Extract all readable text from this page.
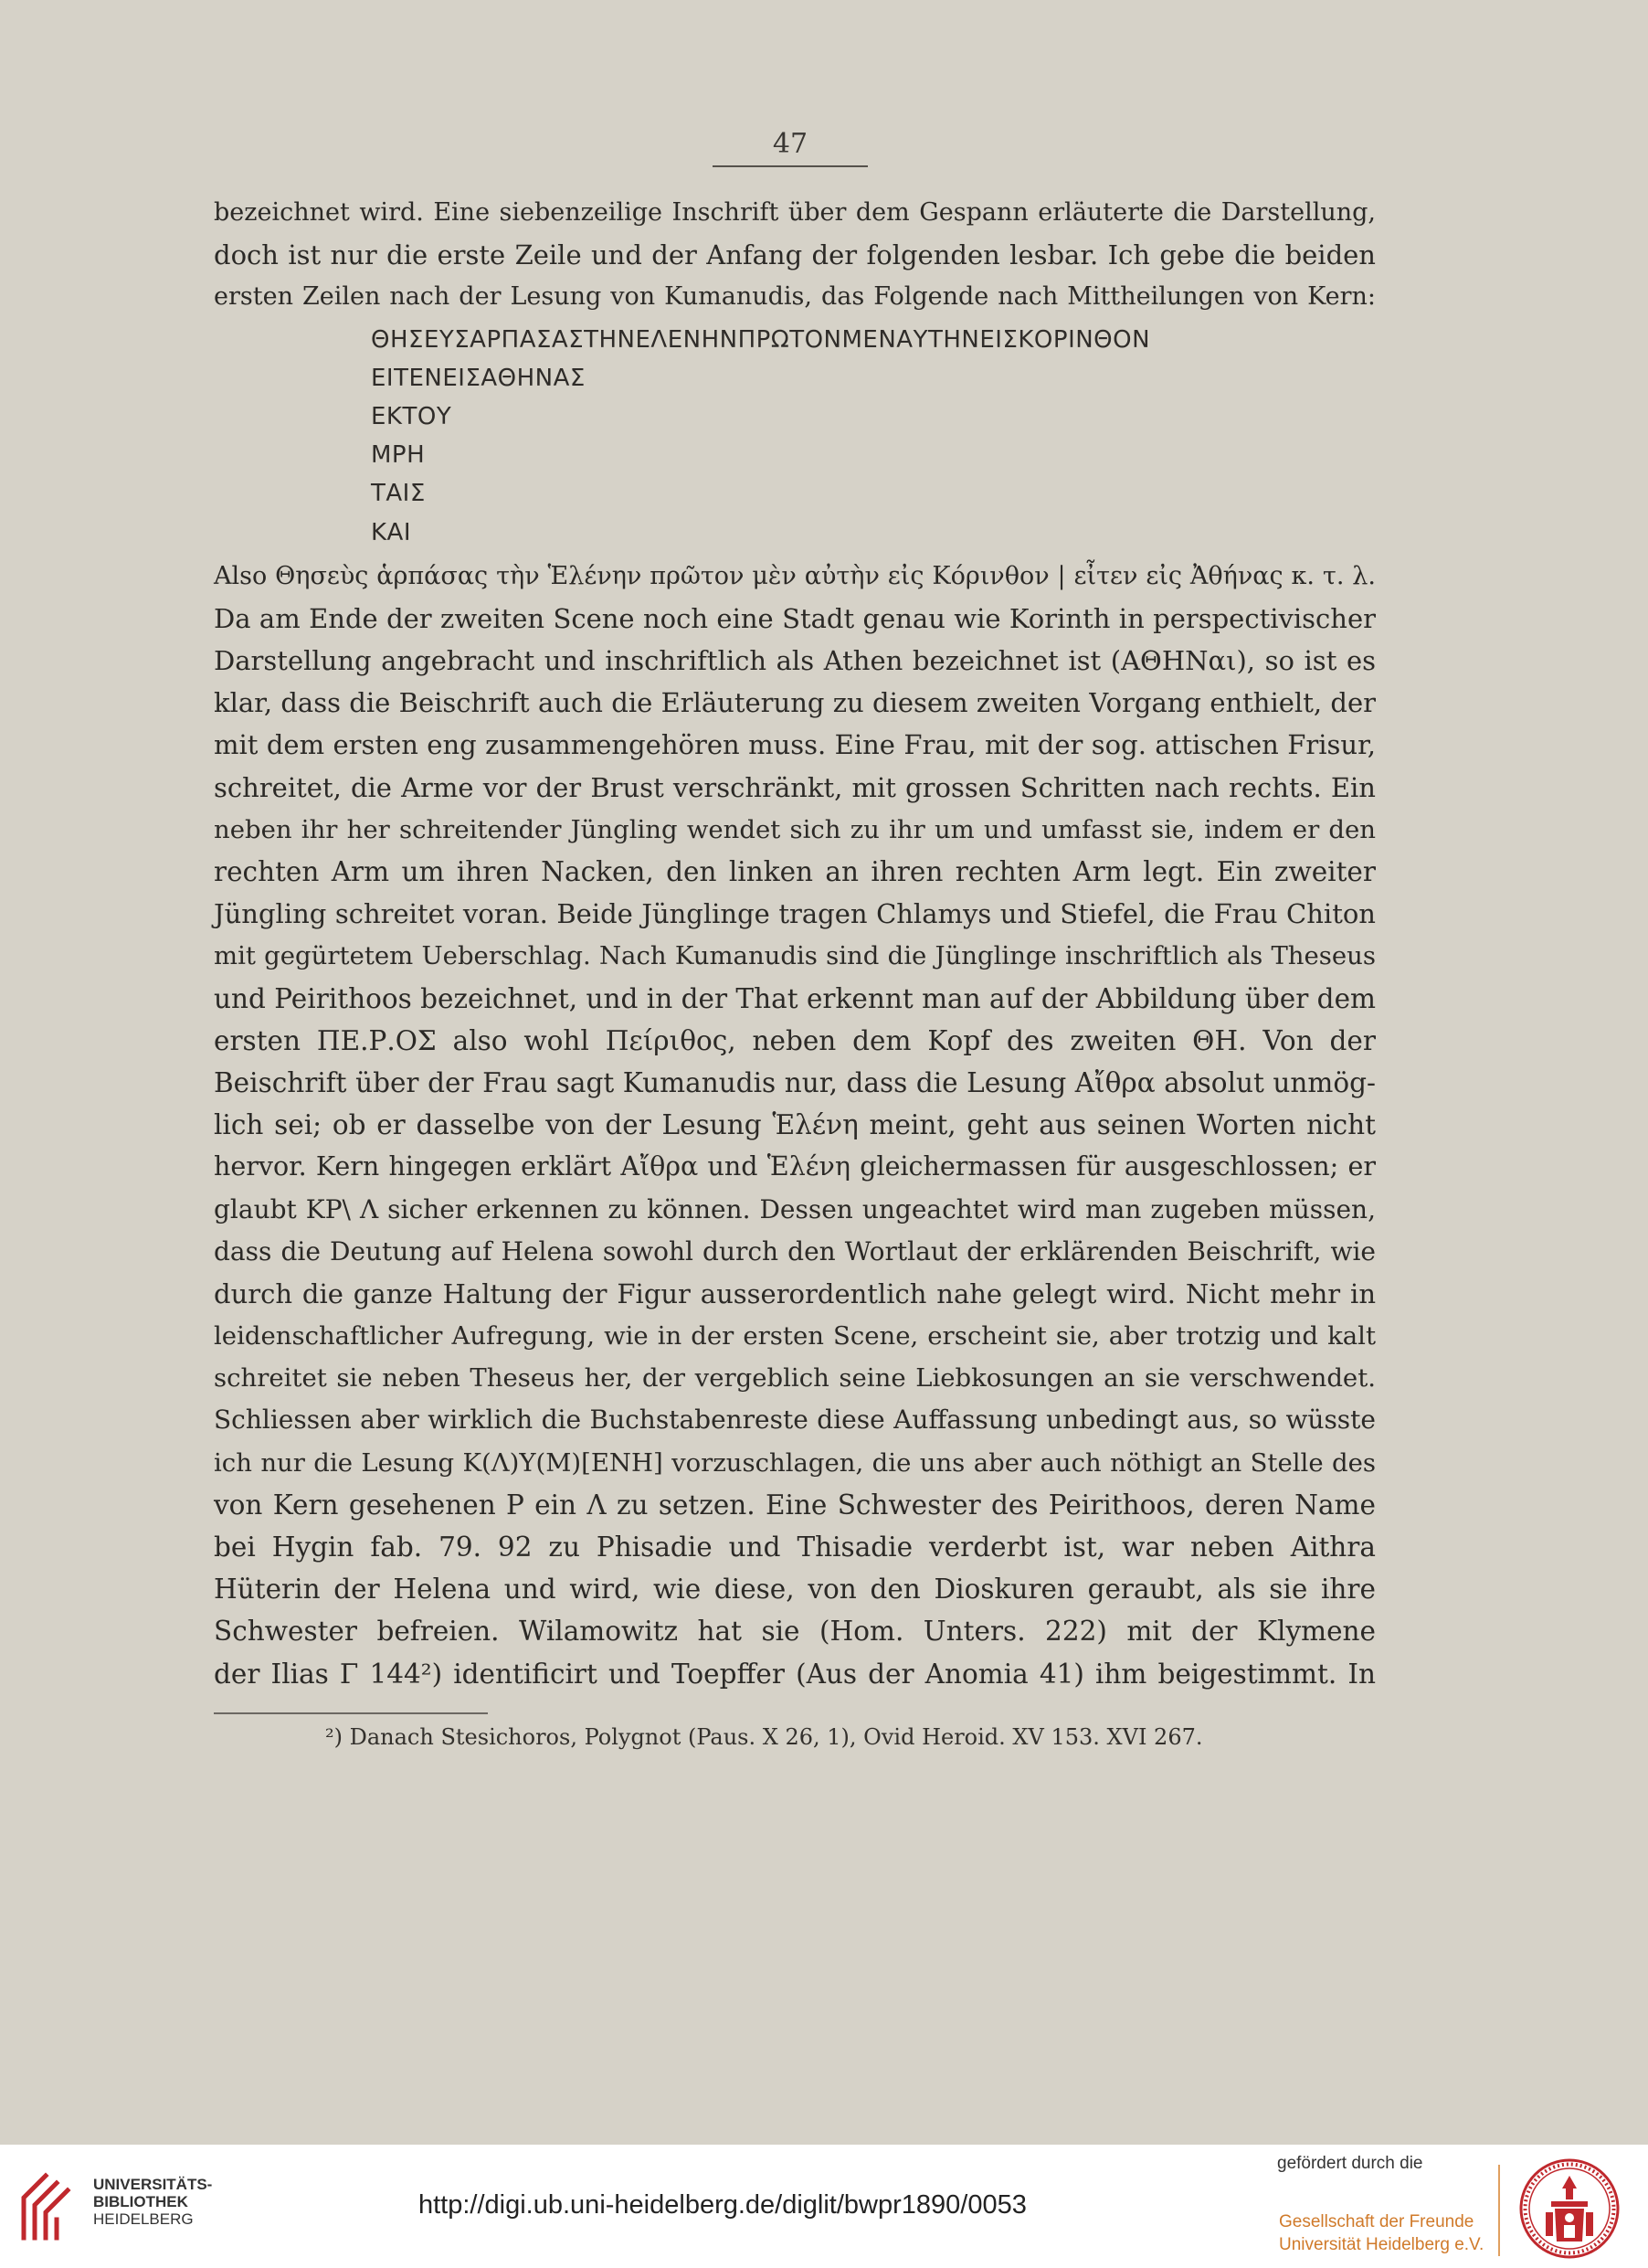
47
bezeichnet wird. Eine siebenzeilige Inschrift über dem Gespann erläuterte die Darstellung,
doch ist nur die erste Zeile und der Anfang der folgenden lesbar. Ich gebe die beiden
ersten Zeilen nach der Lesung von Kumanudis, das Folgende nach Mittheilungen von Kern:
ΘΗΣΕΥΣΑΡΠΑΣΑΣΤΗΝΕΛΕΝΗΝΠΡΩΤΟΝΜΕΝΑΥΤΗΝΕΙΣΚΟΡΙΝΘΟΝ
ΕΙΤΕΝΕΙΣΑΘΗΝΑΣ
ΕΚΤΟΥ
ΜΡΗ
ΤΑΙΣ
ΚΑΙ
Also Θησεὺς ἁρπάσας τὴν Ἑλένην πρῶτον μὲν αὐτὴν εἰς Κόρινθον | εἶτεν εἰς Ἀθήνας κ. τ. λ.
Da am Ende der zweiten Scene noch eine Stadt genau wie Korinth in perspectivischer
Darstellung angebracht und inschriftlich als Athen bezeichnet ist (ΑΘΗΝαι), so ist es
klar, dass die Beischrift auch die Erläuterung zu diesem zweiten Vorgang enthielt, der
mit dem ersten eng zusammengehören muss. Eine Frau, mit der sog. attischen Frisur,
schreitet, die Arme vor der Brust verschränkt, mit grossen Schritten nach rechts. Ein
neben ihr her schreitender Jüngling wendet sich zu ihr um und umfasst sie, indem er den
rechten Arm um ihren Nacken, den linken an ihren rechten Arm legt. Ein zweiter
Jüngling schreitet voran. Beide Jünglinge tragen Chlamys und Stiefel, die Frau Chiton
mit gegürtetem Ueberschlag. Nach Kumanudis sind die Jünglinge inschriftlich als Theseus
und Peirithoos bezeichnet, und in der That erkennt man auf der Abbildung über dem
ersten ΠΕ.Ρ.ΟΣ also wohl Πείριθος, neben dem Kopf des zweiten ΘΗ. Von der
Beischrift über der Frau sagt Kumanudis nur, dass die Lesung Αἴθρα absolut unmög-
lich sei; ob er dasselbe von der Lesung Ἑλένη meint, geht aus seinen Worten nicht
hervor. Kern hingegen erklärt Αἴθρα und Ἑλένη gleichermassen für ausgeschlossen; er
glaubt ΚΡ\ Λ sicher erkennen zu können. Dessen ungeachtet wird man zugeben müssen,
dass die Deutung auf Helena sowohl durch den Wortlaut der erklärenden Beischrift, wie
durch die ganze Haltung der Figur ausserordentlich nahe gelegt wird. Nicht mehr in
leidenschaftlicher Aufregung, wie in der ersten Scene, erscheint sie, aber trotzig und kalt
schreitet sie neben Theseus her, der vergeblich seine Liebkosungen an sie verschwendet.
Schliessen aber wirklich die Buchstabenreste diese Auffassung unbedingt aus, so wüsste
ich nur die Lesung Κ(Λ)Υ(Μ)[ΕΝΗ] vorzuschlagen, die uns aber auch nöthigt an Stelle des
von Kern gesehenen Ρ ein Λ zu setzen. Eine Schwester des Peirithoos, deren Name
bei Hygin fab. 79. 92 zu Phisadie und Thisadie verderbt ist, war neben Aithra
Hüterin der Helena und wird, wie diese, von den Dioskuren geraubt, als sie ihre
Schwester befreien. Wilamowitz hat sie (Hom. Unters. 222) mit der Klymene
der Ilias Γ 144²) identificirt und Toepffer (Aus der Anomia 41) ihm beigestimmt. In
²) Danach Stesichoros, Polygnot (Paus. X 26, 1), Ovid Heroid. XV 153. XVI 267.
UNIVERSITÄTS-
BIBLIOTHEK
HEIDELBERG	http://digi.ub.uni-heidelberg.de/diglit/bwpr1890/0053
gefördert durch die
Gesellschaft der Freunde
Universität Heidelberg e.V.
